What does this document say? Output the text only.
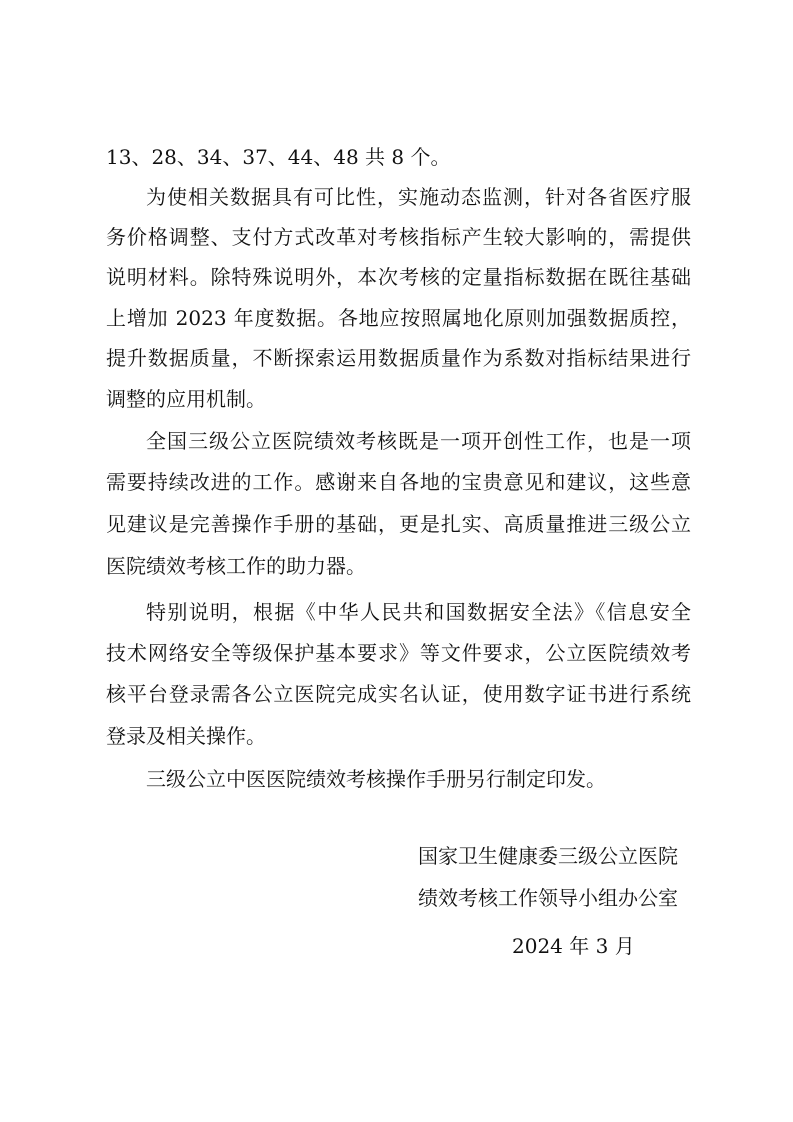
13、28、34、37、44、48 共 8 个。
为使相关数据具有可比性，实施动态监测，针对各省医疗服
务价格调整、支付方式改革对考核指标产生较大影响的，需提供
说明材料。除特殊说明外，本次考核的定量指标数据在既往基础
上增加 2023 年度数据。各地应按照属地化原则加强数据质控，
提升数据质量，不断探索运用数据质量作为系数对指标结果进行
调整的应用机制。
全国三级公立医院绩效考核既是一项开创性工作，也是一项
需要持续改进的工作。感谢来自各地的宝贵意见和建议，这些意
见建议是完善操作手册的基础，更是扎实、高质量推进三级公立
医院绩效考核工作的助力器。
特别说明，根据《中华人民共和国数据安全法》《信息安全
技术网络安全等级保护基本要求》等文件要求，公立医院绩效考
核平台登录需各公立医院完成实名认证，使用数字证书进行系统
登录及相关操作。
三级公立中医医院绩效考核操作手册另行制定印发。
国家卫生健康委三级公立医院
绩效考核工作领导小组办公室
2024 年 3 月
